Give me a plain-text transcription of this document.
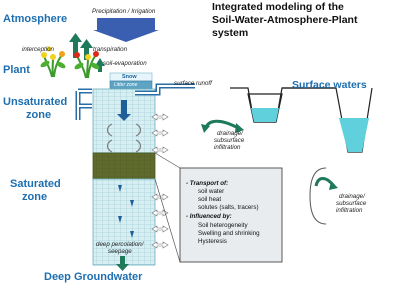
Integrated modeling of the
Soil-Water-Atmosphere-Plant
system
Atmosphere
Plant
Unsaturated
zone
Saturated
zone
Deep Groundwater
Surface waters
Precipitation / Irrigation
interception	transpiration
soil-evaporation
surface runoff
Snow
Litter zone
drainage/
subsurface
infiltration
drainage/
subsurface
infiltration
deep percolation/
seepage
- Transport of:
soil water
soil heat
solutes (salts, tracers)
- Influenced by:
Soil heterogeneity
Swelling and shrinking
Hysteresis
